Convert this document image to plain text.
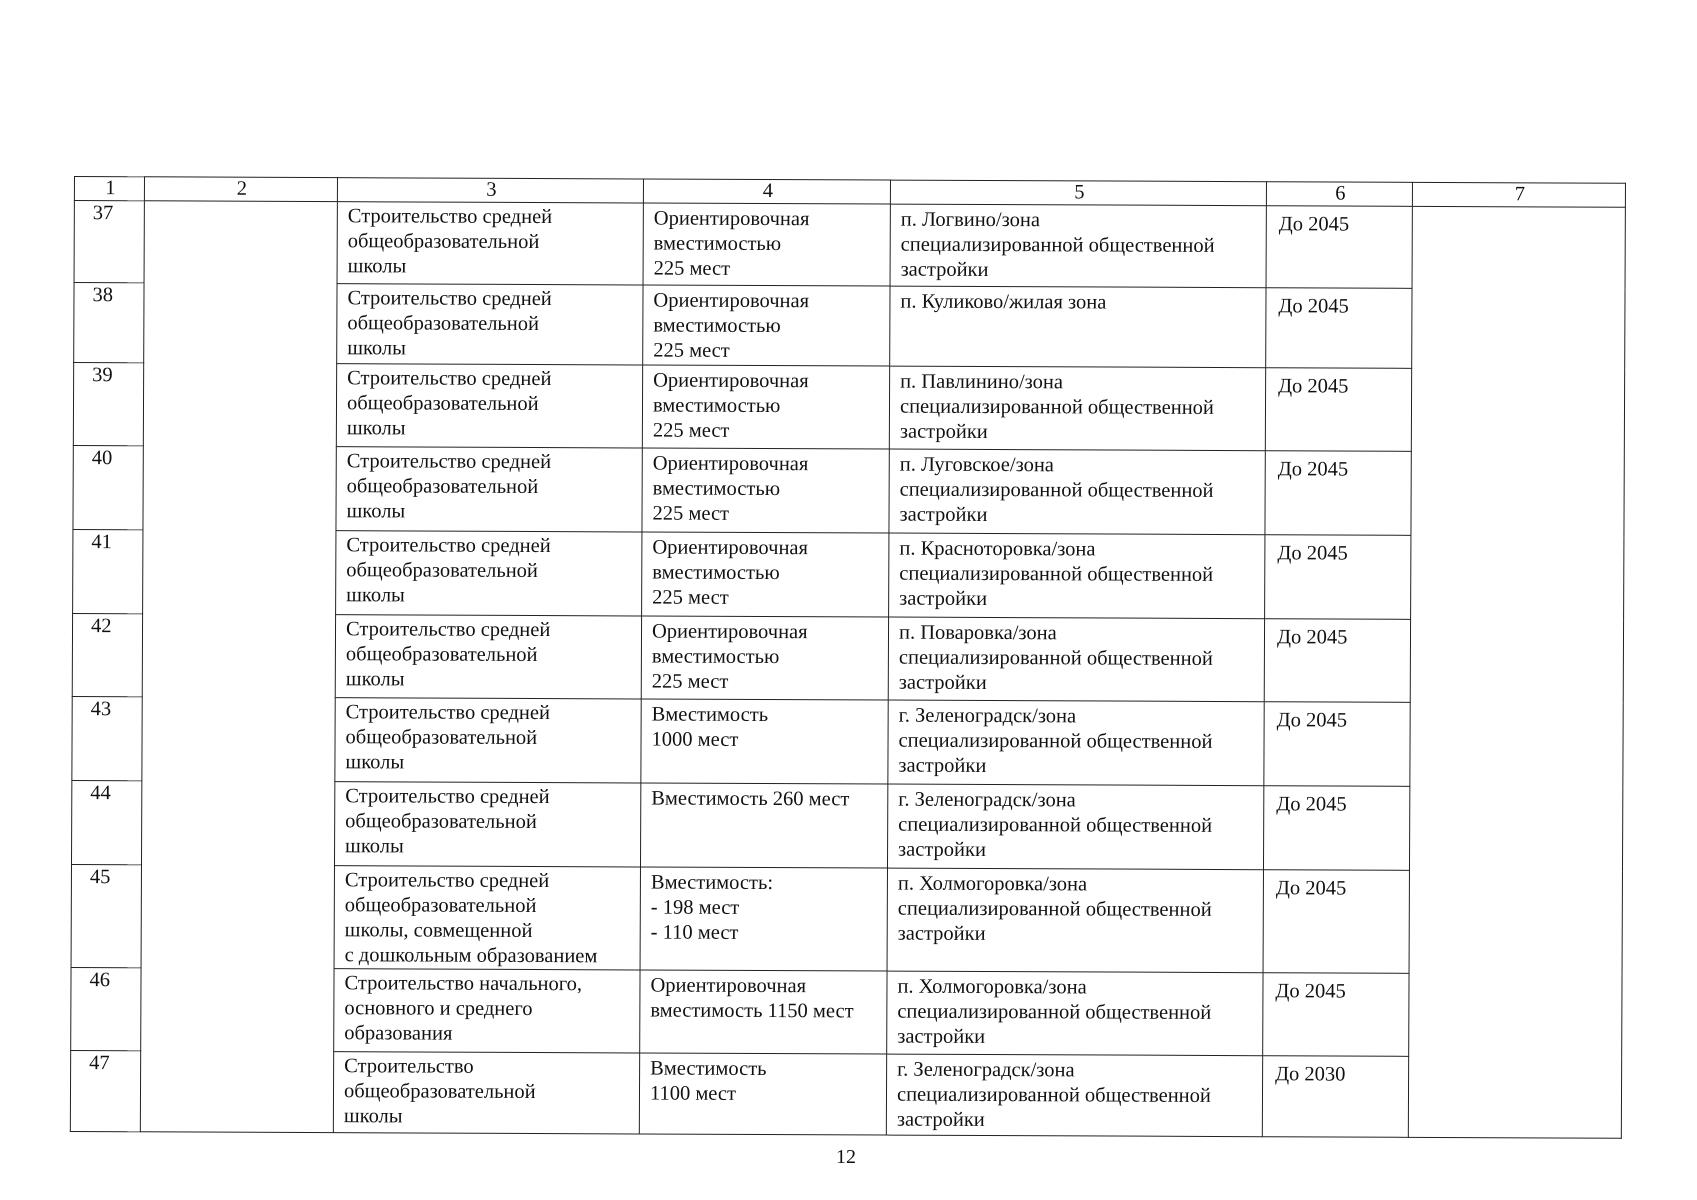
1	2	3	4	5	6	7
37		Строительство средней
общеобразовательной
школы	Ориентировочная
вместимостью
225 мест	п. Логвино/зона
специализированной общественной
застройки	До 2045	
38		Строительство средней
общеобразовательной
школы	Ориентировочная
вместимостью
225 мест	п. Куликово/жилая зона	До 2045	
39		Строительство средней
общеобразовательной
школы	Ориентировочная
вместимостью
225 мест	п. Павлинино/зона
специализированной общественной
застройки	До 2045	
40		Строительство средней
общеобразовательной
школы	Ориентировочная
вместимостью
225 мест	п. Луговское/зона
специализированной общественной
застройки	До 2045	
41		Строительство средней
общеобразовательной
школы	Ориентировочная
вместимостью
225 мест	п. Красноторовка/зона
специализированной общественной
застройки	До 2045	
42		Строительство средней
общеобразовательной
школы	Ориентировочная
вместимостью
225 мест	п. Поваровка/зона
специализированной общественной
застройки	До 2045	
43		Строительство средней
общеобразовательной
школы	Вместимость
1000 мест	г. Зеленоградск/зона
специализированной общественной
застройки	До 2045	
44		Строительство средней
общеобразовательной
школы	Вместимость 260 мест	г. Зеленоградск/зона
специализированной общественной
застройки	До 2045	
45		Строительство средней
общеобразовательной
школы, совмещенной
с дошкольным образованием	Вместимость:
- 198 мест
- 110 мест	п. Холмогоровка/зона
специализированной общественной
застройки	До 2045	
46		Строительство начального,
основного и среднего
образования	Ориентировочная
вместимость 1150 мест	п. Холмогоровка/зона
специализированной общественной
застройки	До 2045	
47		Строительство
общеобразовательной
школы	Вместимость
1100 мест	г. Зеленоградск/зона
специализированной общественной
застройки	До 2030	
12
